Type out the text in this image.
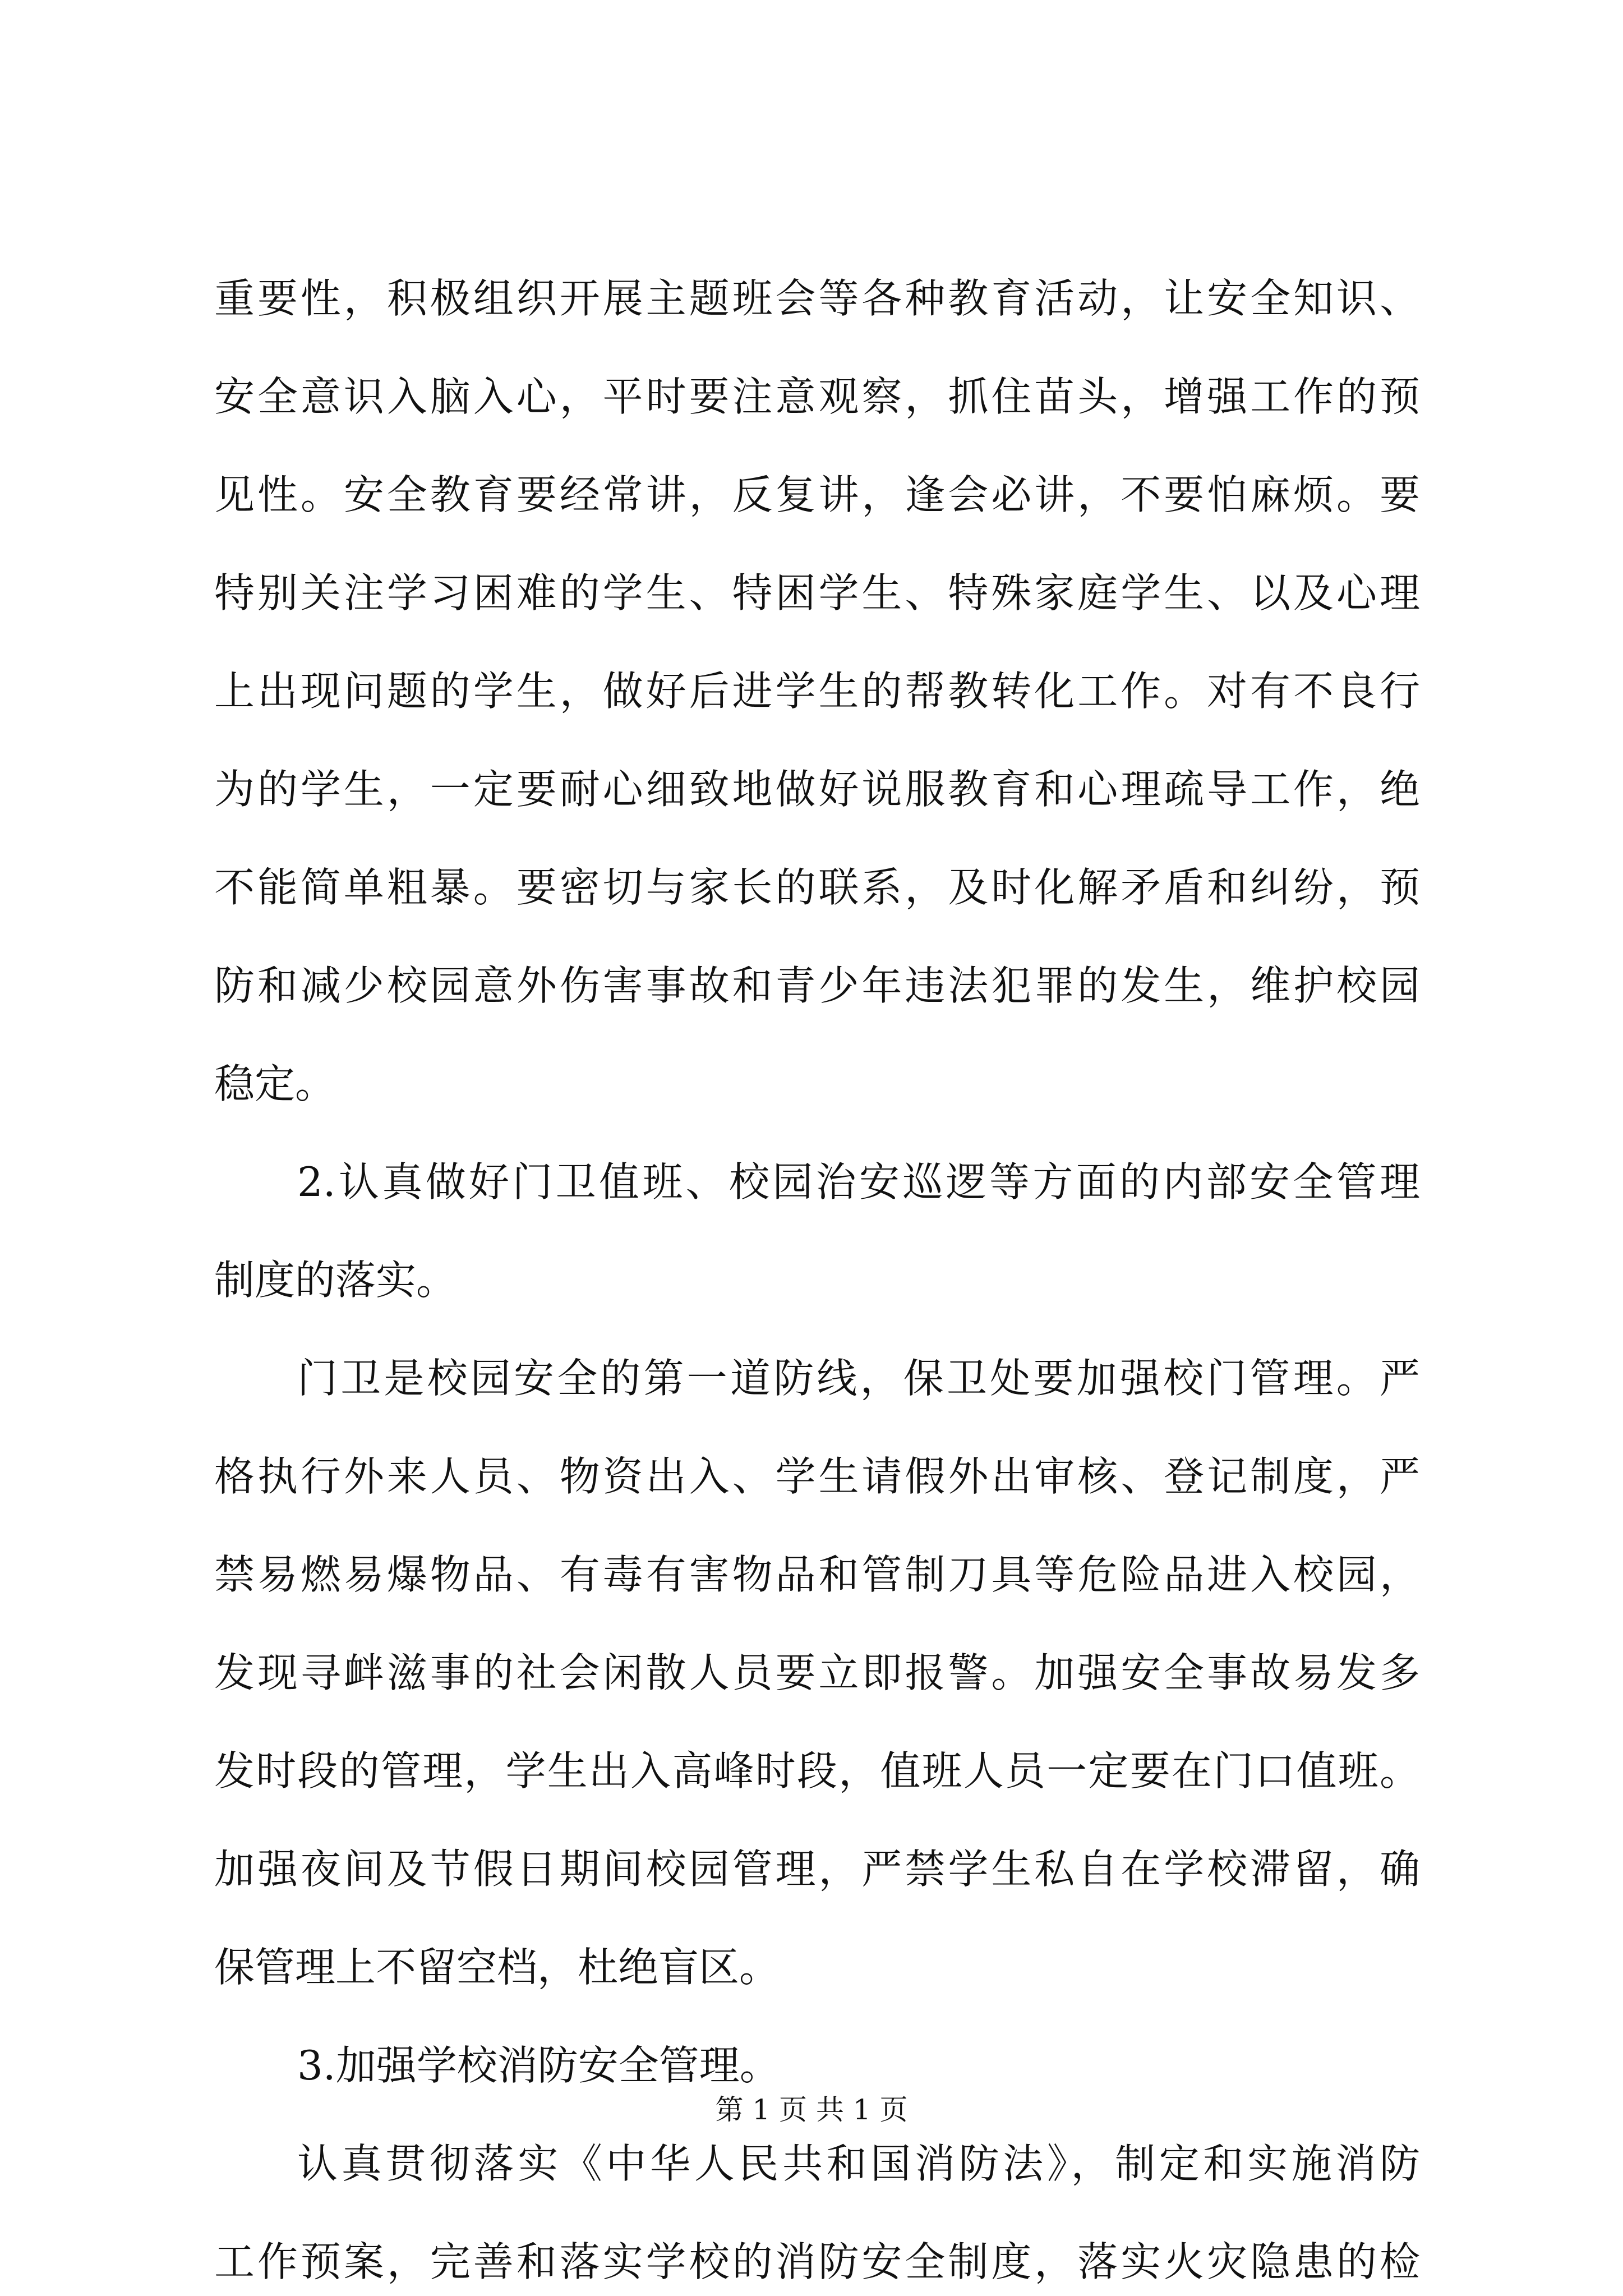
重要性，积极组织开展主题班会等各种教育活动，让安全知识、
安全意识入脑入心，平时要注意观察，抓住苗头，增强工作的预
见性。安全教育要经常讲，反复讲，逢会必讲，不要怕麻烦。要
特别关注学习困难的学生、特困学生、特殊家庭学生、以及心理
上出现问题的学生，做好后进学生的帮教转化工作。对有不良行
为的学生，一定要耐心细致地做好说服教育和心理疏导工作，绝
不能简单粗暴。要密切与家长的联系，及时化解矛盾和纠纷，预
防和减少校园意外伤害事故和青少年违法犯罪的发生，维护校园
稳定。
2.认真做好门卫值班、校园治安巡逻等方面的内部安全管理
制度的落实。
门卫是校园安全的第一道防线，保卫处要加强校门管理。严
格执行外来人员、物资出入、学生请假外出审核、登记制度，严
禁易燃易爆物品、有毒有害物品和管制刀具等危险品进入校园，
发现寻衅滋事的社会闲散人员要立即报警。加强安全事故易发多
发时段的管理，学生出入高峰时段，值班人员一定要在门口值班。
加强夜间及节假日期间校园管理，严禁学生私自在学校滞留，确
保管理上不留空档，杜绝盲区。
3.加强学校消防安全管理。
认真贯彻落实《中华人民共和国消防法》，制定和实施消防
工作预案，完善和落实学校的消防安全制度，落实火灾隐患的检
第 1 页 共 1 页
